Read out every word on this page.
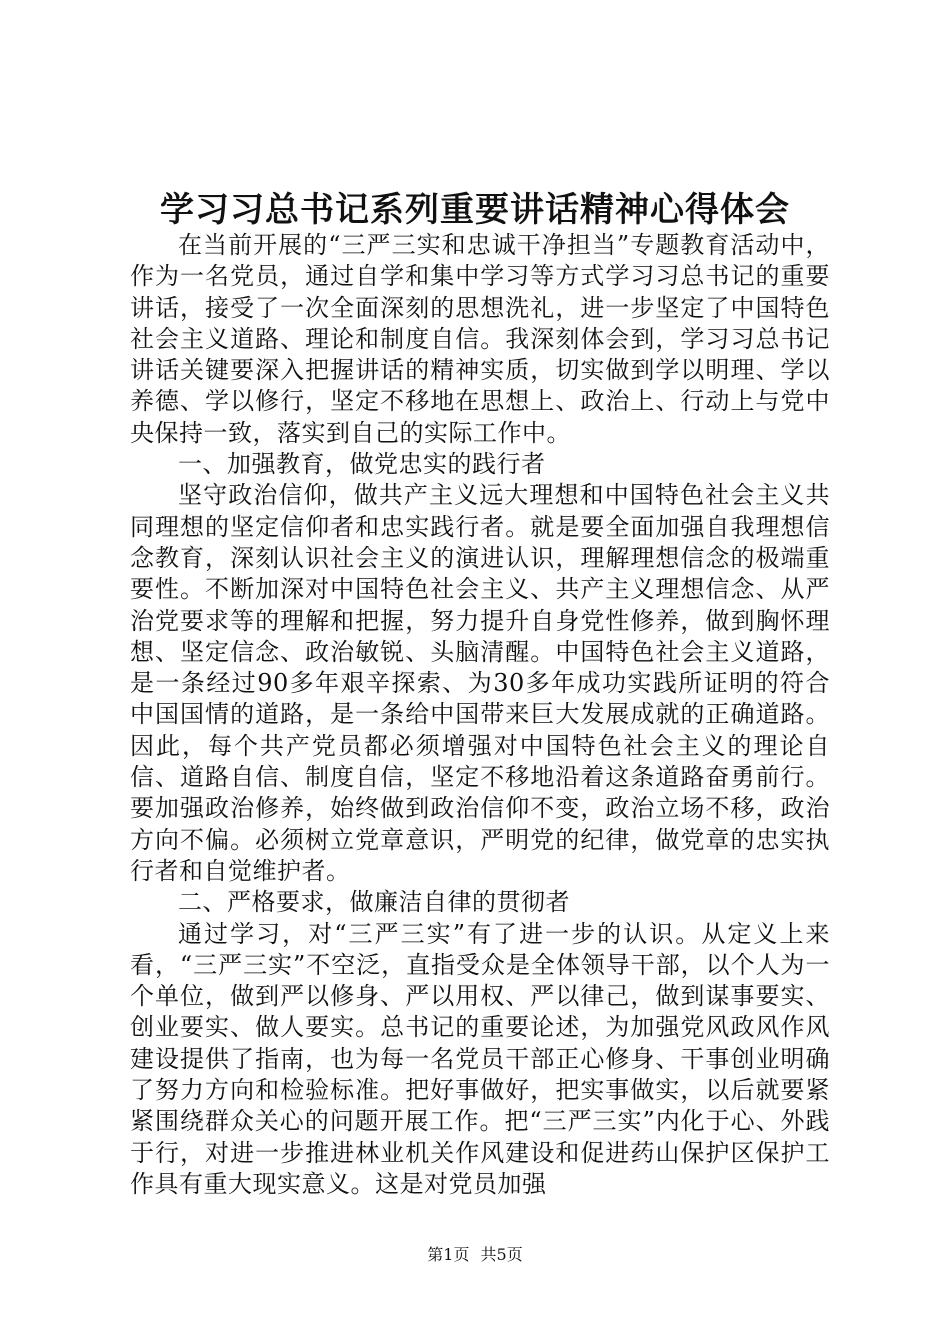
学习习总书记系列重要讲话精神心得体会

在当前开展的“三严三实和忠诚干净担当”专题教育活动中，作为一名党员，通过自学和集中学习等方式学习习总书记的重要讲话，接受了一次全面深刻的思想洗礼，进一步坚定了中国特色社会主义道路、理论和制度自信。我深刻体会到，学习习总书记讲话关键要深入把握讲话的精神实质，切实做到学以明理、学以养德、学以修行，坚定不移地在思想上、政治上、行动上与党中央保持一致，落实到自己的实际工作中。

一、加强教育，做党忠实的践行者

坚守政治信仰，做共产主义远大理想和中国特色社会主义共同理想的坚定信仰者和忠实践行者。就是要全面加强自我理想信念教育，深刻认识社会主义的演进认识，理解理想信念的极端重要性。不断加深对中国特色社会主义、共产主义理想信念、从严治党要求等的理解和把握，努力提升自身党性修养，做到胸怀理想、坚定信念、政治敏锐、头脑清醒。中国特色社会主义道路，是一条经过90多年艰辛探索、为30多年成功实践所证明的符合中国国情的道路，是一条给中国带来巨大发展成就的正确道路。因此，每个共产党员都必须增强对中国特色社会主义的理论自信、道路自信、制度自信，坚定不移地沿着这条道路奋勇前行。要加强政治修养，始终做到政治信仰不变，政治立场不移，政治方向不偏。必须树立党章意识，严明党的纪律，做党章的忠实执行者和自觉维护者。

二、严格要求，做廉洁自律的贯彻者

通过学习，对“三严三实”有了进一步的认识。从定义上来看，“三严三实”不空泛，直指受众是全体领导干部，以个人为一个单位，做到严以修身、严以用权、严以律己，做到谋事要实、创业要实、做人要实。总书记的重要论述，为加强党风政风作风建设提供了指南，也为每一名党员干部正心修身、干事创业明确了努力方向和检验标准。把好事做好，把实事做实，以后就要紧紧围绕群众关心的问题开展工作。把“三严三实”内化于心、外践于行，对进一步推进林业机关作风建设和促进药山保护区保护工作具有重大现实意义。这是对党员加强

第1页 共5页
